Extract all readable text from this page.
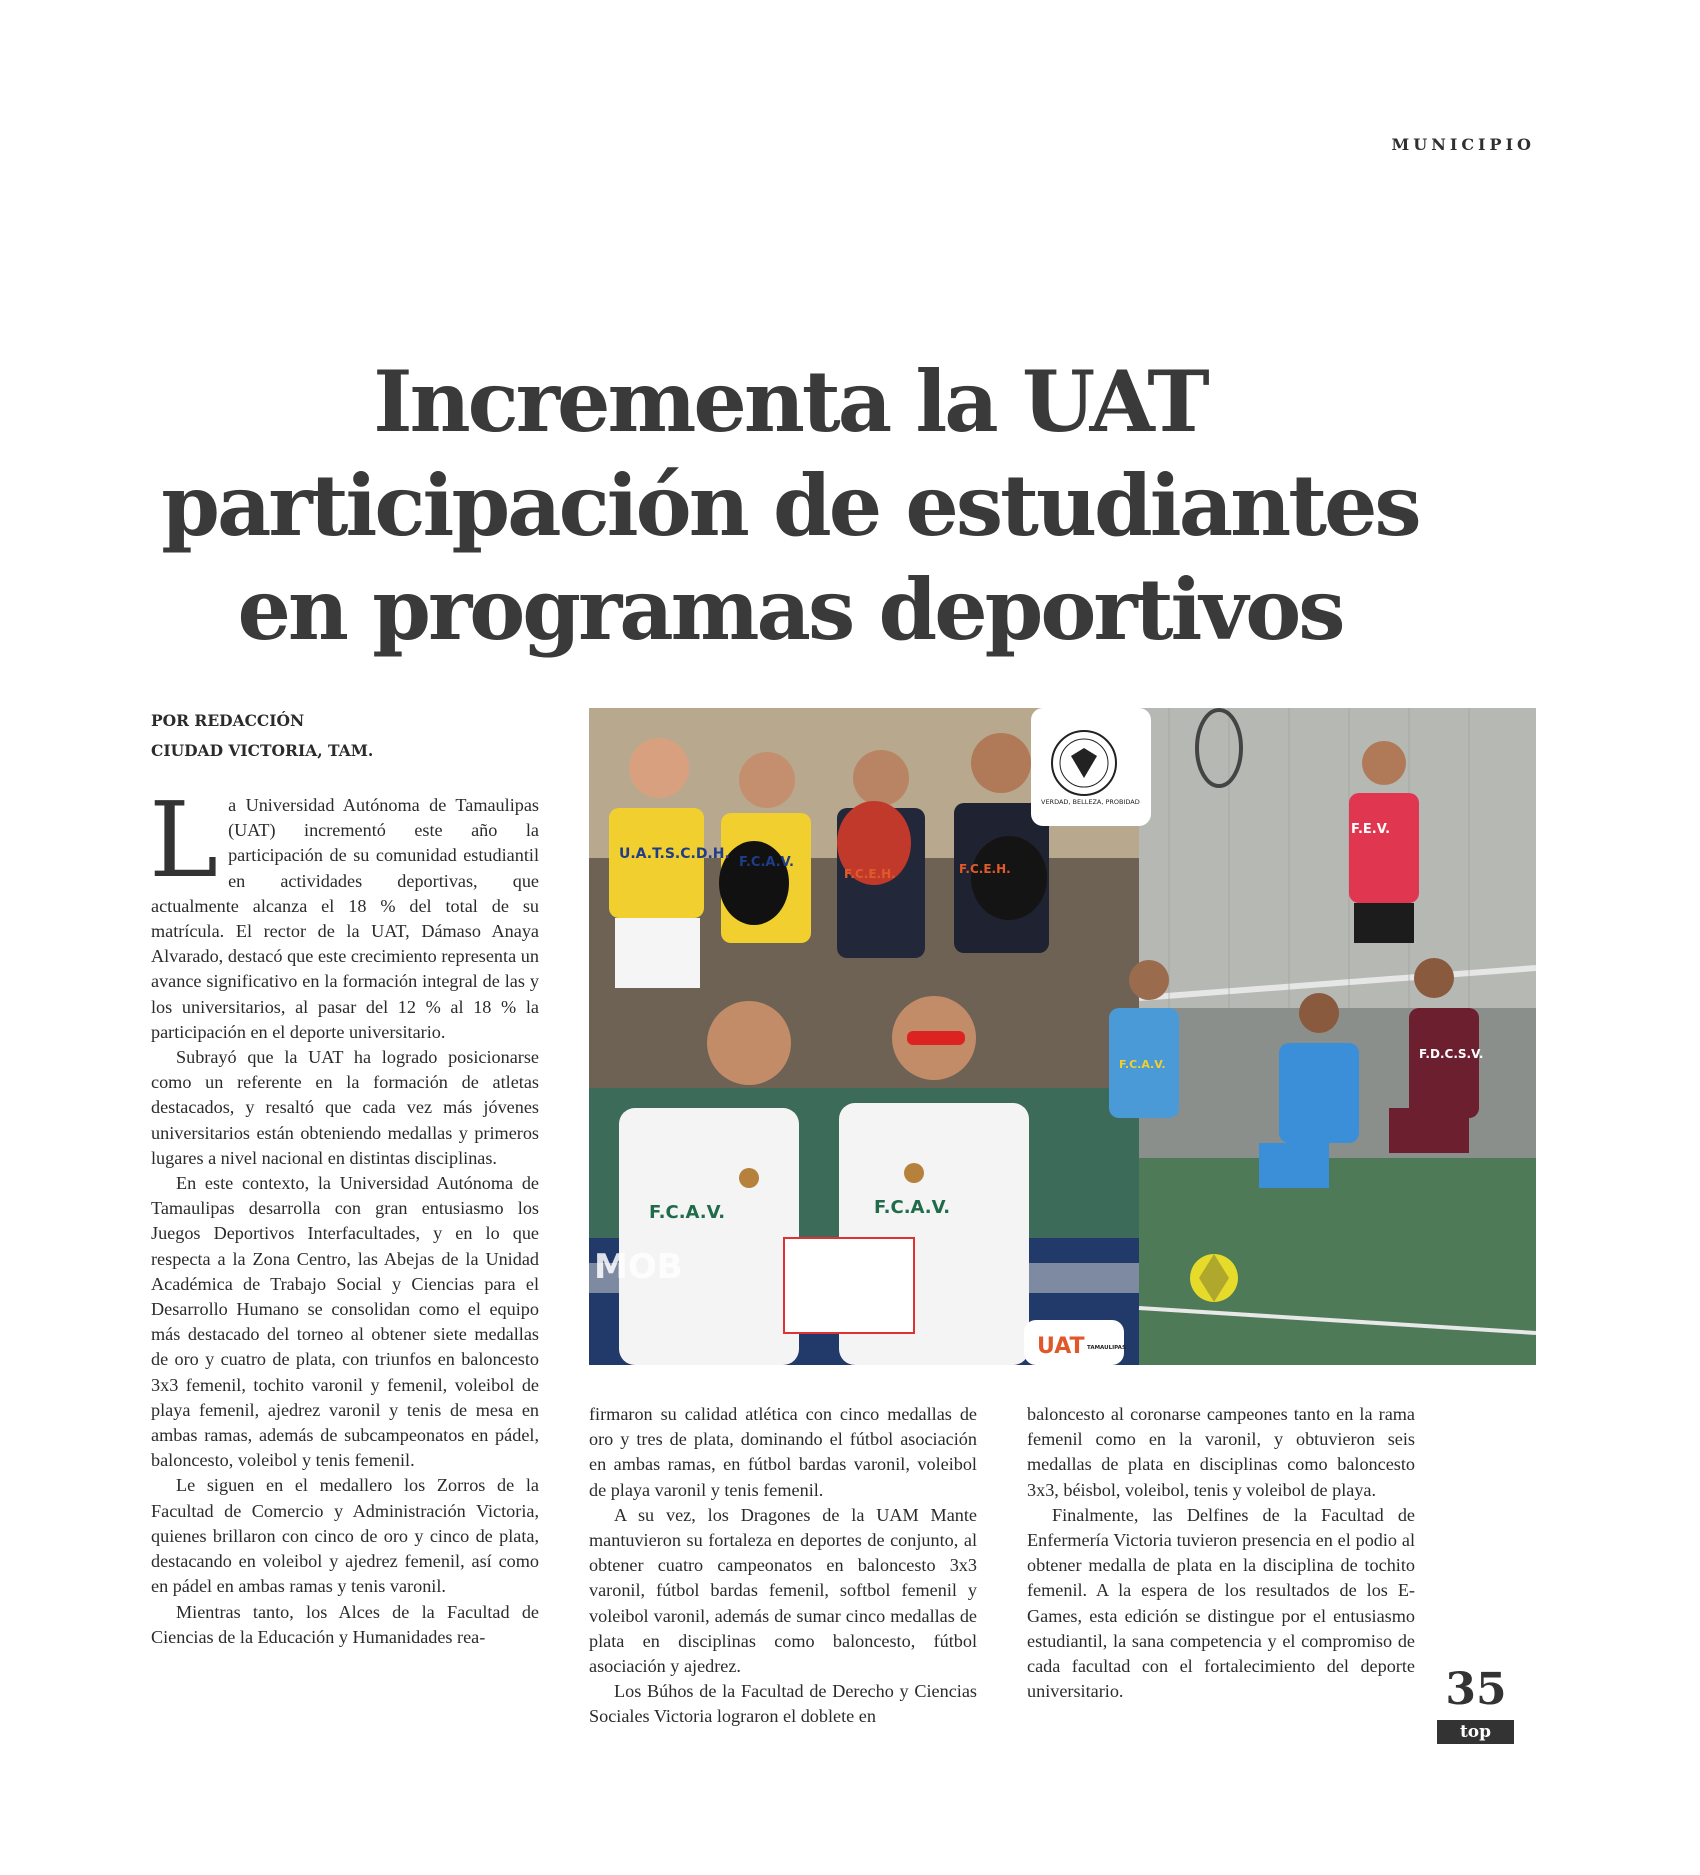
MUNICIPIO
Incrementa la UAT
participación de estudiantes
en programas deportivos
POR REDACCIÓN
CIUDAD VICTORIA, TAM.
VERDAD, BELLEZA, PROBIDAD
UAT TAMAULIPAS
U.A.T.S.C.D.H.
F.C.A.V.
F.C.E.H.	F.C.E.H.
F.E.V.
F.C.A.V.	F.C.A.V.
F.D.C.S.V.
F.C.A.V.
MOB

La Universidad Autónoma de Tamaulipas (UAT) incrementó este año la participación de su comunidad estudiantil en actividades deportivas, que actualmente alcanza el 18 % del total de su matrícula. El rector de la UAT, Dámaso Anaya Alvarado, destacó que este crecimiento representa un avance significativo en la formación integral de las y los universitarios, al pasar del 12 % al 18 % la participación en el deporte universitario.

Subrayó que la UAT ha logrado posicionarse como un referente en la formación de atletas destacados, y resaltó que cada vez más jóvenes universitarios están obteniendo medallas y primeros lugares a nivel nacional en distintas disciplinas.

En este contexto, la Universidad Autónoma de Tamaulipas desarrolla con gran entusiasmo los Juegos Deportivos Interfacultades, y en lo que respecta a la Zona Centro, las Abejas de la Unidad Académica de Trabajo Social y Ciencias para el Desarrollo Humano se consolidan como el equipo más destacado del torneo al obtener siete medallas de oro y cuatro de plata, con triunfos en baloncesto 3x3 femenil, tochito varonil y femenil, voleibol de playa femenil, ajedrez varonil y tenis de mesa en ambas ramas, además de subcampeonatos en pádel, baloncesto, voleibol y tenis femenil.

Le siguen en el medallero los Zorros de la Facultad de Comercio y Administración Victoria, quienes brillaron con cinco de oro y cinco de plata, destacando en voleibol y ajedrez femenil, así como en pádel en ambas ramas y tenis varonil.

Mientras tanto, los Alces de la Facultad de Ciencias de la Educación y Humanidades rea-

firmaron su calidad atlética con cinco medallas de oro y tres de plata, dominando el fútbol asociación en ambas ramas, en fútbol bardas varonil, voleibol de playa varonil y tenis femenil.

A su vez, los Dragones de la UAM Mante mantuvieron su fortaleza en deportes de conjunto, al obtener cuatro campeonatos en baloncesto 3x3 varonil, fútbol bardas femenil, softbol femenil y voleibol varonil, además de sumar cinco medallas de plata en disciplinas como baloncesto, fútbol asociación y ajedrez.

Los Búhos de la Facultad de Derecho y Ciencias Sociales Victoria lograron el doblete en

baloncesto al coronarse campeones tanto en la rama femenil como en la varonil, y obtuvieron seis medallas de plata en disciplinas como baloncesto 3x3, béisbol, voleibol, tenis y voleibol de playa.

Finalmente, las Delfines de la Facultad de Enfermería Victoria tuvieron presencia en el podio al obtener medalla de plata en la disciplina de tochito femenil. A la espera de los resultados de los E-Games, esta edición se distingue por el entusiasmo estudiantil, la sana competencia y el compromiso de cada facultad con el fortalecimiento del deporte universitario.	35
top
